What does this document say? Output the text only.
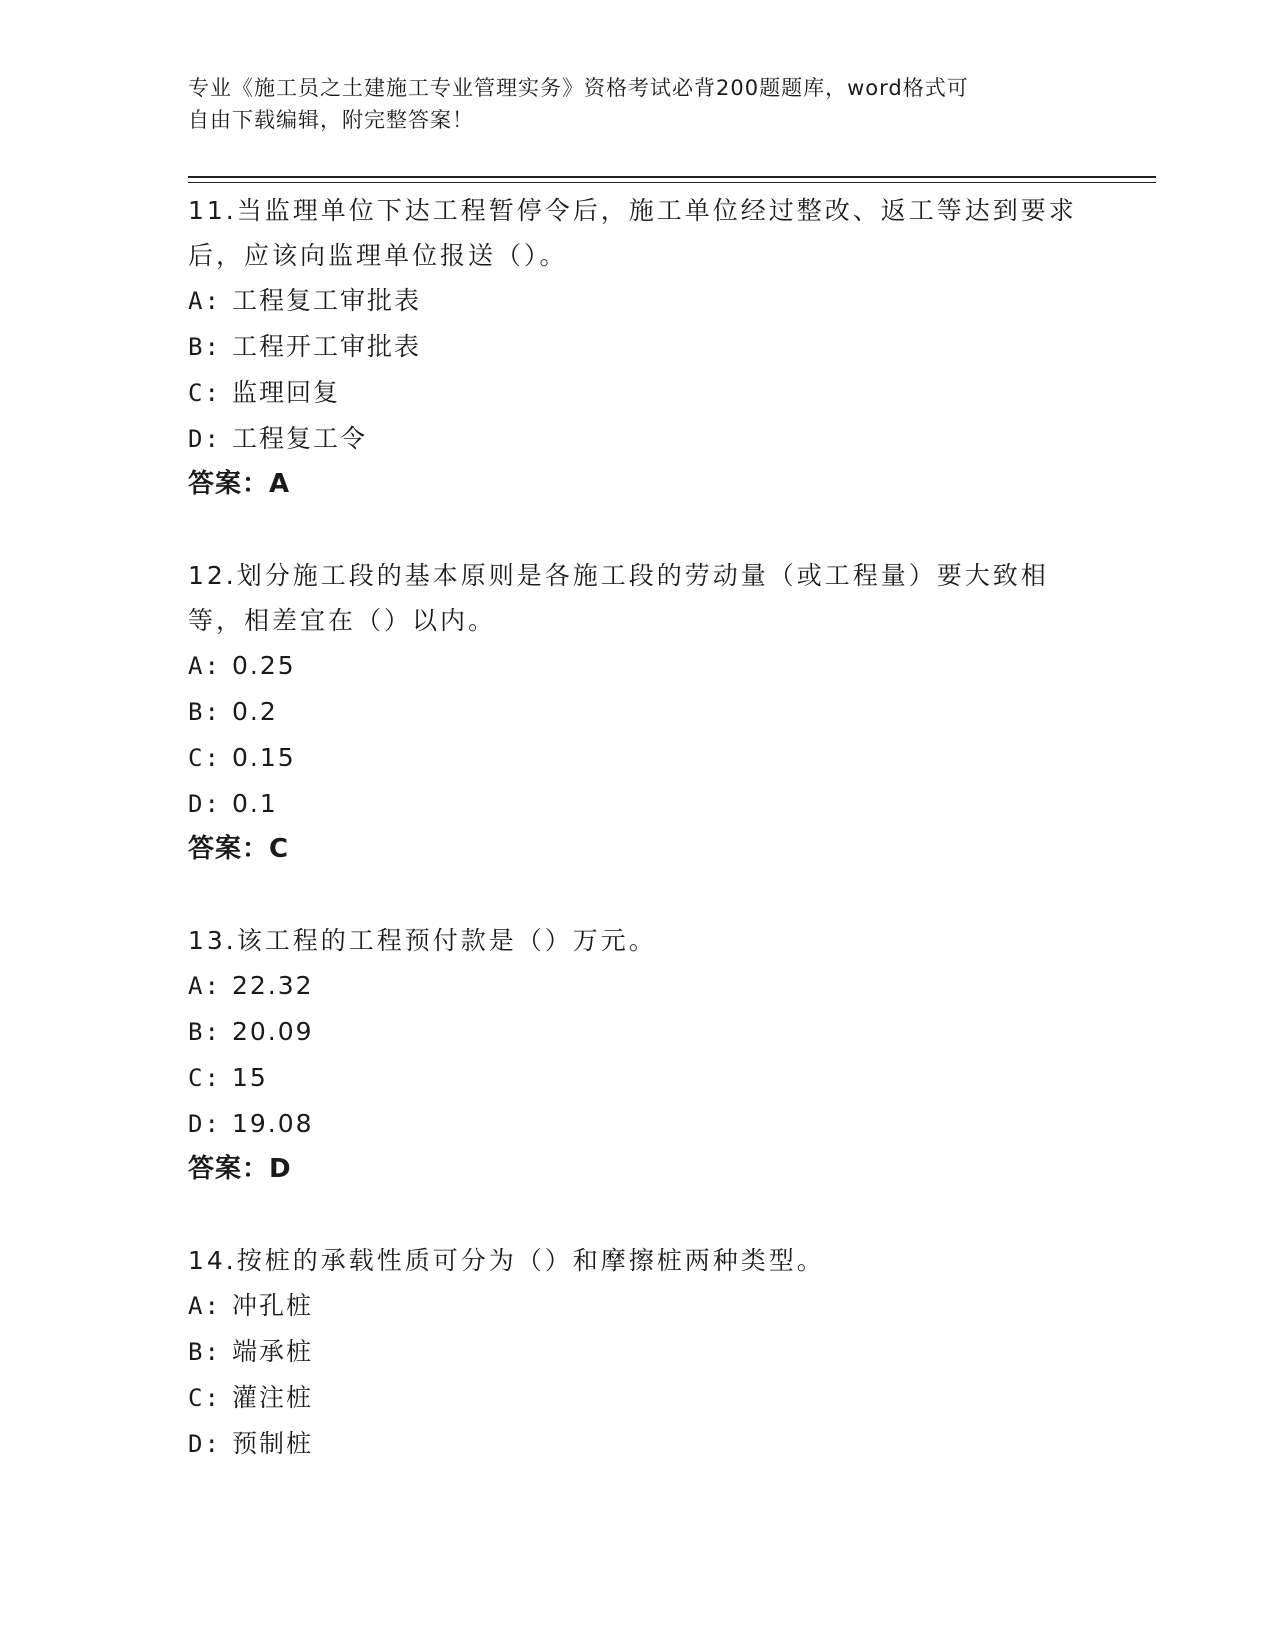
专业《施工员之土建施工专业管理实务》资格考试必背200题题库，word格式可
自由下载编辑，附完整答案！
11.当监理单位下达工程暂停令后，施工单位经过整改、返工等达到要求后，应该向监理单位报送（）。
A: 工程复工审批表
B: 工程开工审批表
C: 监理回复
D: 工程复工令
答案：A
12.划分施工段的基本原则是各施工段的劳动量（或工程量）要大致相等，相差宜在（）以内。
A: 0.25
B: 0.2
C: 0.15
D: 0.1
答案：C
13.该工程的工程预付款是（）万元。
A: 22.32
B: 20.09
C: 15
D: 19.08
答案：D
14.按桩的承载性质可分为（）和摩擦桩两种类型。
A: 冲孔桩
B: 端承桩
C: 灌注桩
D: 预制桩
